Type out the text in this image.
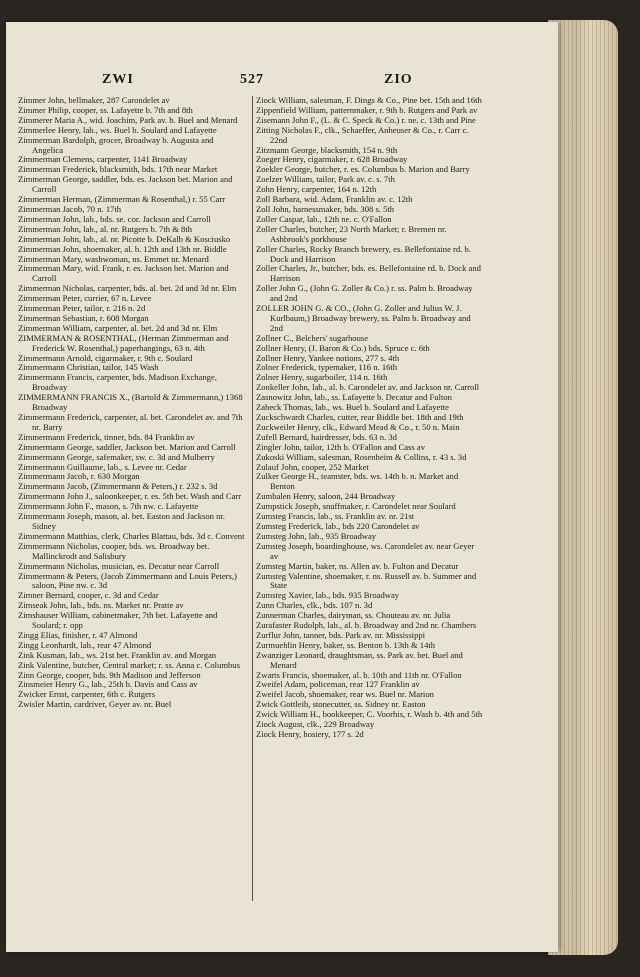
ZWI	527	ZIO

Zimmer John, bellmaker, 287 Carondelet av

Zimmer Philip, cooper, ss. Lafayette b. 7th and 8th

Zimmerer Maria A., wid. Joachim, Park av. b. Buel and Menard

Zimmerlee Henry, lab., ws. Buel b. Soulard and Lafayette

Zimmerman Bardolph, grocer, Broadway b. Augusta and Angelica

Zimmerman Clemens, carpenter, 1141 Broadway

Zimmerman Frederick, blacksmith, bds. 17th near Market

Zimmerman George, saddler, bds. es. Jackson bet. Marion and Carroll

Zimmerman Herman, (Zimmerman & Rosenthal,) r. 55 Carr

Zimmerman Jacob, 70 n. 17th

Zimmerman John, lab., bds. se. cor. Jackson and Carroll

Zimmerman John, lab., al. nr. Rutgers b. 7th & 8th

Zimmerman John, lab., al. nr. Picotte b. DeKalb & Kosciusko

Zimmerman John, shoemaker, al. b. 12th and 13th nr. Biddle

Zimmerman Mary, washwoman, ns. Emmet nr. Menard

Zimmerman Mary, wid. Frank, r. es. Jackson bet. Marion and Carroll

Zimmerman Nicholas, carpenter, bds. al. bet. 2d and 3d nr. Elm

Zimmerman Peter, currier, 67 n. Levee

Zimmerman Peter, tailor, r. 216 n. 2d

Zimmerman Sebastian, r. 608 Morgan

Zimmerman William, carpenter, al. bet. 2d and 3d nr. Elm

ZIMMERMAN & ROSENTHAL, (Herman Zimmerman and Frederick W. Rosenthal,) paperhangings, 63 n. 4th

Zimmermann Arnold, cigarmaker, r. 9th c. Soulard

Zimmermann Christian, tailor, 145 Wash

Zimmermann Francis, carpenter, bds. Madison Exchange, Broadway

ZIMMERMANN FRANCIS X., (Bartold & Zimmermann,) 1368 Broadway

Zimmermann Frederick, carpenter, al. bet. Carondelet av. and 7th nr. Barry

Zimmermann Frederick, tinner, bds. 84 Franklin av

Zimmermann George, saddler, Jackson bet. Marion and Carroll

Zimmermann George, safemaker, sw. c. 3d and Mulberry

Zimmermann Guillaume, lab., s. Levee nr. Cedar

Zimmermann Jacob, r. 630 Morgan

Zimmermann Jacob, (Zimmermann & Peters,) r. 232 s. 3d

Zimmermann John J., saloonkeeper, r. es. 5th bet. Wash and Carr

Zimmermann John F., mason, s. 7th nw. c. Lafayette

Zimmermann Joseph, mason, al. bet. Easton and Jackson nr. Sidney

Zimmermann Matthias, clerk, Charles Blattau, bds. 3d c. Convent

Zimmermann Nicholas, cooper, bds. ws. Broadway bet. Mallinckrodt and Salisbury

Zimmermann Nicholas, musician, es. Decatur near Carroll

Zimmermann & Peters, (Jacob Zimmermann and Louis Peters,) saloon, Pine nw. c. 3d

Zimner Bernard, cooper, c. 3d and Cedar

Zimseak John, lab., bds. ns. Market nr. Pratte av

Zimshauser William, cabinetmaker, 7th bet. Lafayette and Soulard; r. opp

Zingg Elias, finisher, r. 47 Almond

Zingg Leonhardt, lab., rear 47 Almond

Zink Kusman, lab., ws. 21st bet. Franklin av. and Morgan

Zink Valentine, butcher, Central market; r. ss. Anna c. Columbus

Zinn George, cooper, bds. 9th Madison and Jefferson

Zinsmeier Henry G., lab., 25th b. Davis and Cass av

Zwicker Ernst, carpenter, 6th c. Rutgers

Zwisler Martin, cardriver, Geyer av. nr. Buel

Ziock William, salesman, F. Dings & Co., Pine bet. 15th and 16th

Zippenfield William, patternmaker, r. 9th b. Rutgers and Park av

Zisemann John F., (L. & C. Speck & Co.) r. ne. c. 13th and Pine

Zitting Nicholas F., clk., Schaeffer, Anheuser & Co., r. Carr c. 22nd

Zitzmann George, blacksmith, 154 n. 9th

Zoeger Henry, cigarmaker, r. 628 Broadway

Zoekler George, butcher, r. es. Columbus b. Marion and Barry

Zoelzer William, tailor, Park av. c. s. 7th

Zohn Henry, carpenter, 164 n. 12th

Zoll Barbara, wid. Adam, Franklin av. c. 12th

Zoll John, harnessmaker, bds. 308 s. 5th

Zoller Caspar, lab., 12th ne. c. O'Fallon

Zoller Charles, butcher, 23 North Market; r. Bremen nr. Ashbrook's porkhouse

Zoller Charles, Rocky Branch brewery, es. Bellefontaine rd. b. Dock and Harrison

Zoller Charles, Jr., butcher, bds. es. Bellefontaine rd. b. Dock and Harrison

Zoller John G., (John G. Zoller & Co.) r. ss. Palm b. Broadway and 2nd

ZOLLER JOHN G. & CO., (John G. Zoller and Julius W. J. Kurlbaum,) Broadway brewery, ss. Palm b. Broadway and 2nd

Zollner C., Belchers' sugarhouse

Zollner Henry, (J. Baron & Co.) bds. Spruce c. 6th

Zollner Henry, Yankee notions, 277 s. 4th

Zolner Frederick, typemaker, 116 n. 16th

Zolner Henry, sugarboiler, 114 n. 16th

Zonkeller John, lab., al. b. Carondelet av. and Jackson nr. Carroll

Zasnowitz John, lab., ss. Lafayette b. Decatur and Fulton

Zabeck Thomas, lab., ws. Buel b. Soulard and Lafayette

Zuckschwardt Charles, cutter, rear Biddle bet. 18th and 19th

Zuckweiler Henry, clk., Edward Mead & Co., r. 50 n. Main

Zufell Bernard, hairdresser, bds. 63 n. 3d

Zingler John, tailor, 12th b. O'Fallon and Cass av

Zukoski William, salesman, Rosenheim & Collins, r. 43 s. 3d

Zulauf John, cooper, 252 Market

Zulker George H., teamster, bds. ws. 14th b. n. Market and Benton

Zumbalen Henry, saloon, 244 Broadway

Zumpstick Joseph, snuffmaker, r. Carondelet near Soulard

Zumsteg Francis, lab., ss. Franklin av. nr. 21st

Zumsteg Frederick, lab., bds 220 Carondelet av

Zumsteg John, lab., 935 Broadway

Zumsteg Joseph, boardinghouse, ws. Carondelet av. near Geyer av

Zumsteg Martin, baker, ns. Allen av. b. Fulton and Decatur

Zumsteg Valentine, shoemaker, r. ns. Russell av. b. Summer and State

Zumsteg Xavier, lab., bds. 935 Broadway

Zunn Charles, clk., bds. 107 n. 3d

Zunnerman Charles, dairyman, ss. Chouteau av. nr. Julia

Zurafaster Rudolph, lab., al. b. Broadway and 2nd nr. Chambers

Zurflur John, tanner, bds. Park av. nr. Mississippi

Zurmuehlin Henry, baker, ss. Benton b. 13th & 14th

Zwanziger Leonard, draughtsman, ss. Park av. bet. Buel and Menard

Zwarts Francis, shoemaker, al. b. 10th and 11th nr. O'Fallon

Zweifel Adam, policeman, rear 127 Franklin av

Zweifel Jacob, shoemaker, rear ws. Buel nr. Marion

Zwick Gottleib, stonecutter, ss. Sidney nr. Easton

Zwick William H., bookkeeper, C. Voorhis, r. Wash b. 4th and 5th

Ziock August, clk., 229 Broadway

Ziock Henry, hosiery, 177 s. 2d
